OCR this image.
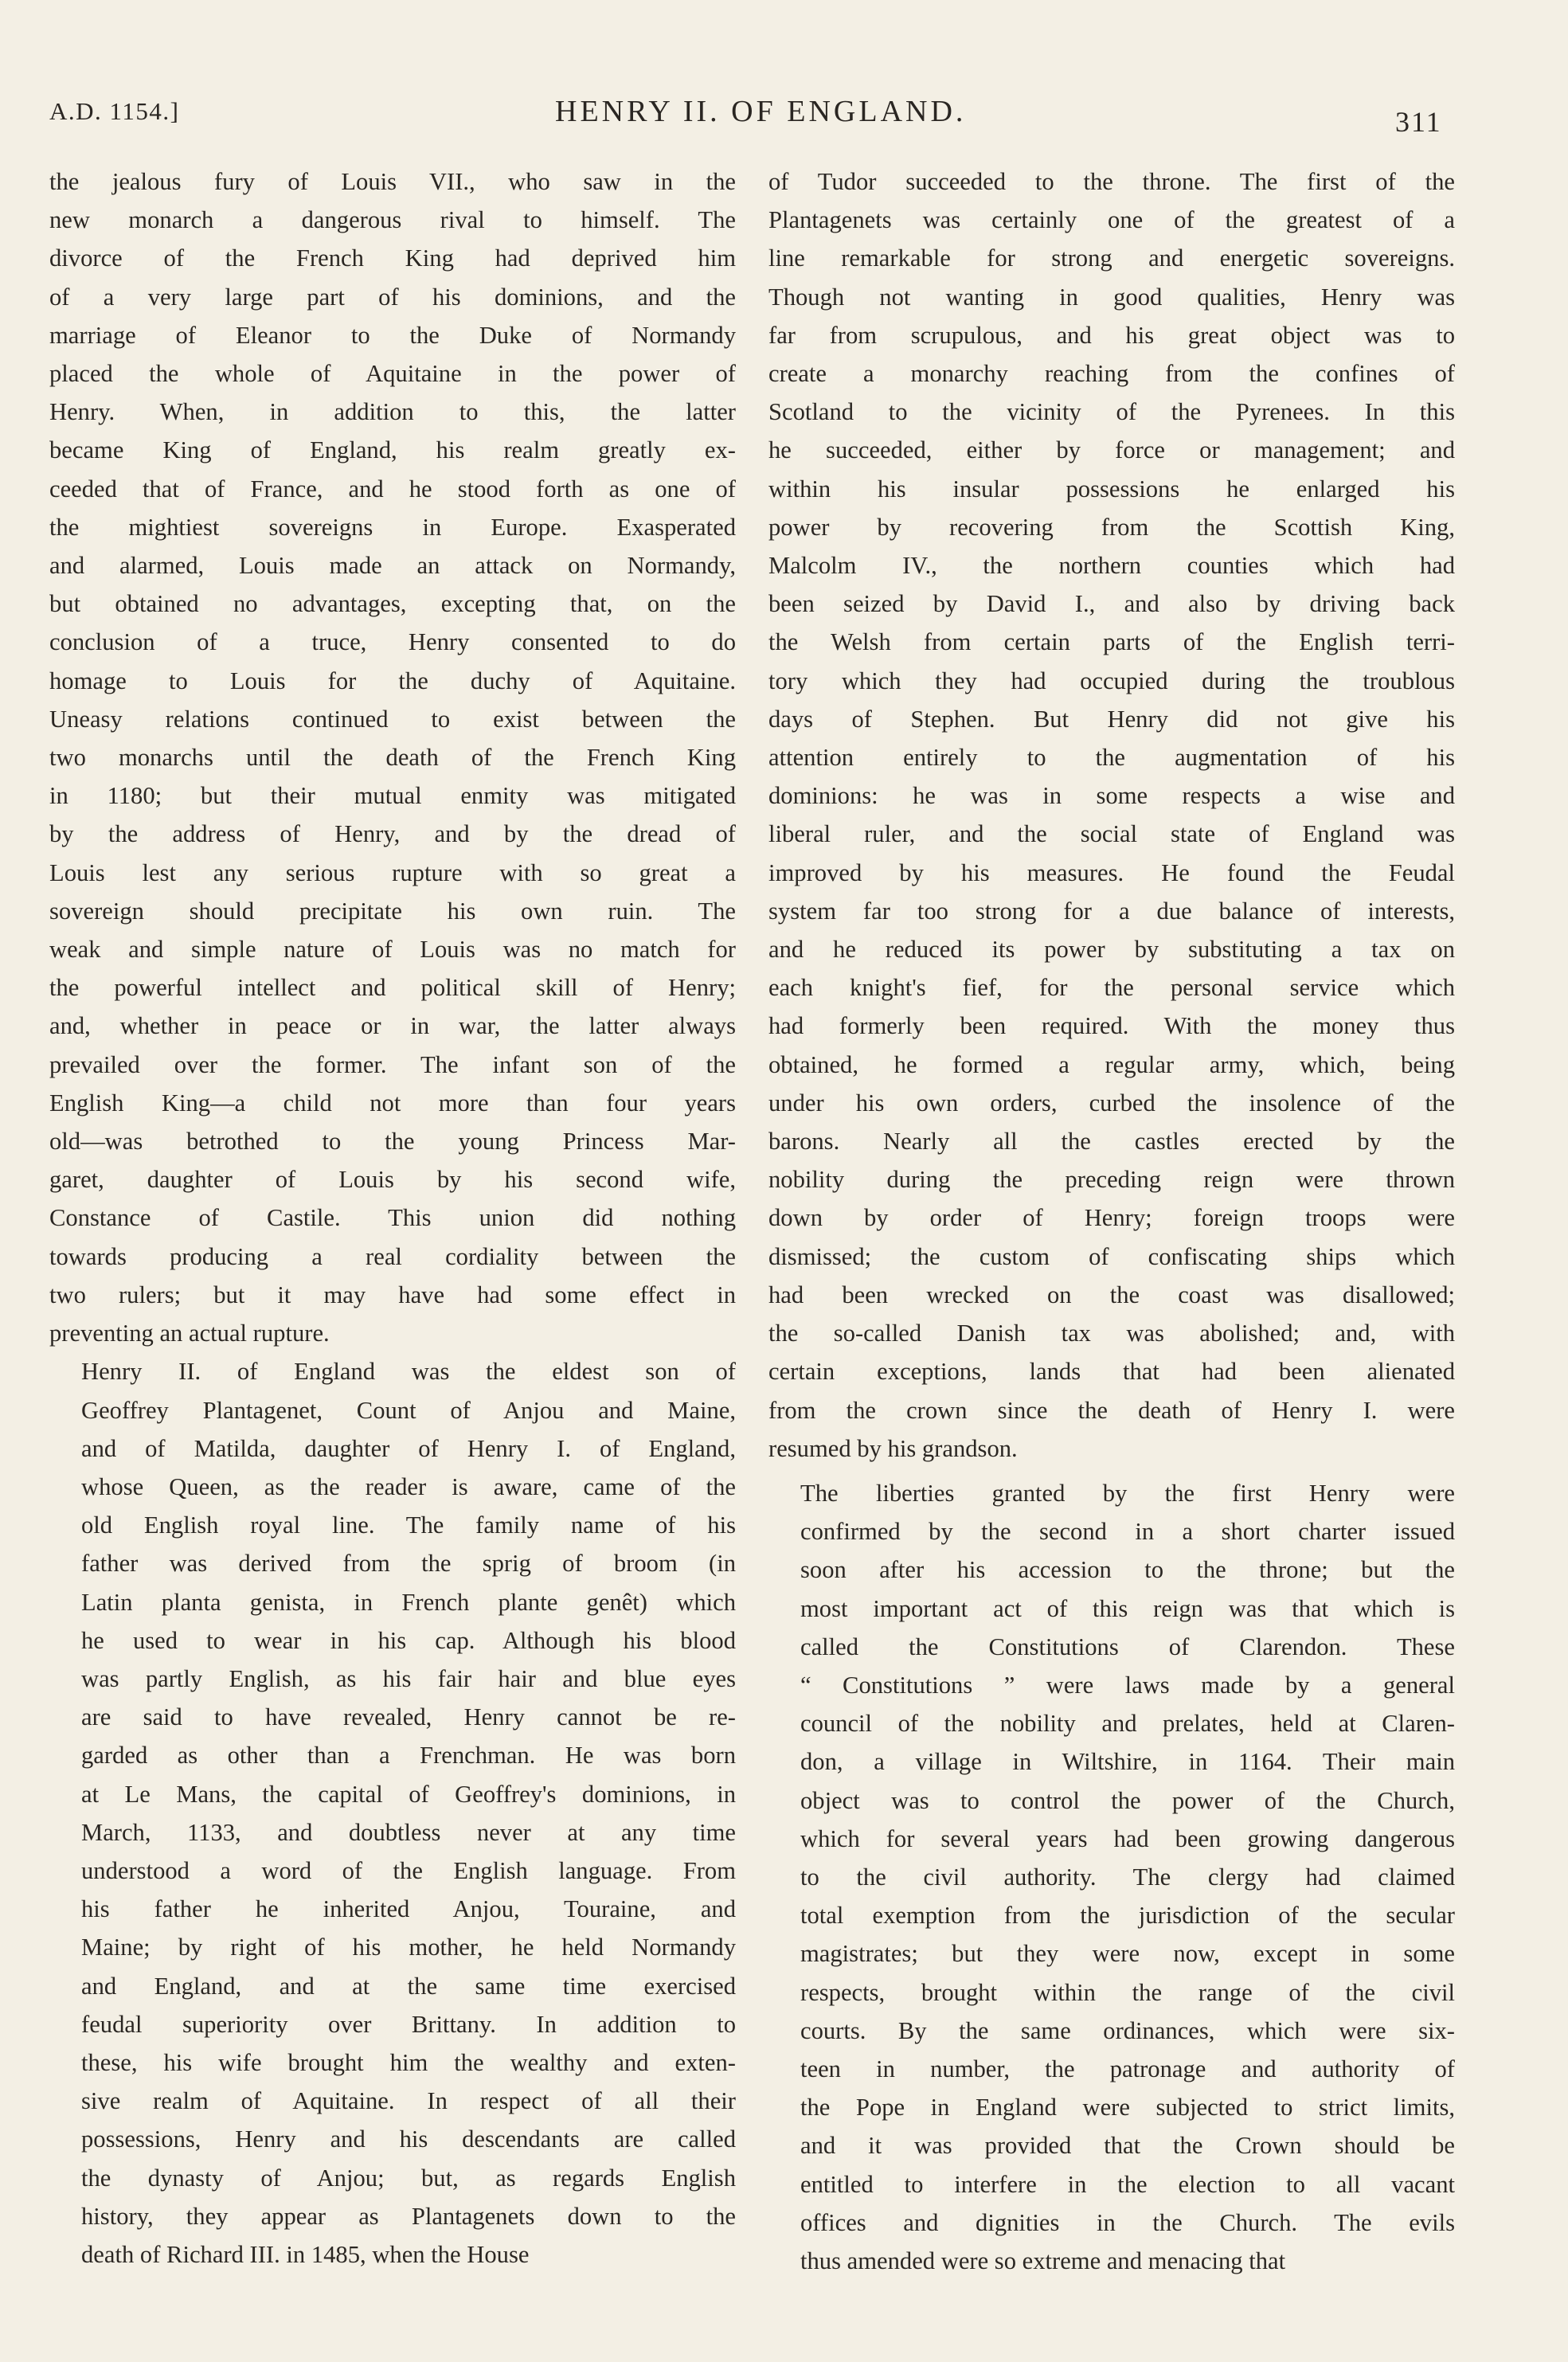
A.D. 1154.]	HENRY II. OF ENGLAND.	311

the jealous fury of Louis VII., who saw in the
new monarch a dangerous rival to himself. The
divorce of the French King had deprived him
of a very large part of his dominions, and the
marriage of Eleanor to the Duke of Normandy
placed the whole of Aquitaine in the power of
Henry. When, in addition to this, the latter
became King of England, his realm greatly ex-
ceeded that of France, and he stood forth as one of
the mightiest sovereigns in Europe. Exasperated
and alarmed, Louis made an attack on Normandy,
but obtained no advantages, excepting that, on the
conclusion of a truce, Henry consented to do
homage to Louis for the duchy of Aquitaine.
Uneasy relations continued to exist between the
two monarchs until the death of the French King
in 1180; but their mutual enmity was mitigated
by the address of Henry, and by the dread of
Louis lest any serious rupture with so great a
sovereign should precipitate his own ruin. The
weak and simple nature of Louis was no match for
the powerful intellect and political skill of Henry;
and, whether in peace or in war, the latter always
prevailed over the former. The infant son of the
English King—a child not more than four years
old—was betrothed to the young Princess Mar-
garet, daughter of Louis by his second wife,
Constance of Castile. This union did nothing
towards producing a real cordiality between the
two rulers; but it may have had some effect in
preventing an actual rupture.

Henry II. of England was the eldest son of
Geoffrey Plantagenet, Count of Anjou and Maine,
and of Matilda, daughter of Henry I. of England,
whose Queen, as the reader is aware, came of the
old English royal line. The family name of his
father was derived from the sprig of broom (in
Latin planta genista, in French plante genêt) which
he used to wear in his cap. Although his blood
was partly English, as his fair hair and blue eyes
are said to have revealed, Henry cannot be re-
garded as other than a Frenchman. He was born
at Le Mans, the capital of Geoffrey's dominions, in
March, 1133, and doubtless never at any time
understood a word of the English language. From
his father he inherited Anjou, Touraine, and
Maine; by right of his mother, he held Normandy
and England, and at the same time exercised
feudal superiority over Brittany. In addition to
these, his wife brought him the wealthy and exten-
sive realm of Aquitaine. In respect of all their
possessions, Henry and his descendants are called
the dynasty of Anjou; but, as regards English
history, they appear as Plantagenets down to the
death of Richard III. in 1485, when the House

of Tudor succeeded to the throne. The first of the
Plantagenets was certainly one of the greatest of a
line remarkable for strong and energetic sovereigns.
Though not wanting in good qualities, Henry was
far from scrupulous, and his great object was to
create a monarchy reaching from the confines of
Scotland to the vicinity of the Pyrenees. In this
he succeeded, either by force or management; and
within his insular possessions he enlarged his
power by recovering from the Scottish King,
Malcolm IV., the northern counties which had
been seized by David I., and also by driving back
the Welsh from certain parts of the English terri-
tory which they had occupied during the troublous
days of Stephen. But Henry did not give his
attention entirely to the augmentation of his
dominions: he was in some respects a wise and
liberal ruler, and the social state of England was
improved by his measures. He found the Feudal
system far too strong for a due balance of interests,
and he reduced its power by substituting a tax on
each knight's fief, for the personal service which
had formerly been required. With the money thus
obtained, he formed a regular army, which, being
under his own orders, curbed the insolence of the
barons. Nearly all the castles erected by the
nobility during the preceding reign were thrown
down by order of Henry; foreign troops were
dismissed; the custom of confiscating ships which
had been wrecked on the coast was disallowed;
the so-called Danish tax was abolished; and, with
certain exceptions, lands that had been alienated
from the crown since the death of Henry I. were
resumed by his grandson.

The liberties granted by the first Henry were
confirmed by the second in a short charter issued
soon after his accession to the throne; but the
most important act of this reign was that which is
called the Constitutions of Clarendon. These
“ Constitutions ” were laws made by a general
council of the nobility and prelates, held at Claren-
don, a village in Wiltshire, in 1164. Their main
object was to control the power of the Church,
which for several years had been growing dangerous
to the civil authority. The clergy had claimed
total exemption from the jurisdiction of the secular
magistrates; but they were now, except in some
respects, brought within the range of the civil
courts. By the same ordinances, which were six-
teen in number, the patronage and authority of
the Pope in England were subjected to strict limits,
and it was provided that the Crown should be
entitled to interfere in the election to all vacant
offices and dignities in the Church. The evils
thus amended were so extreme and menacing that
